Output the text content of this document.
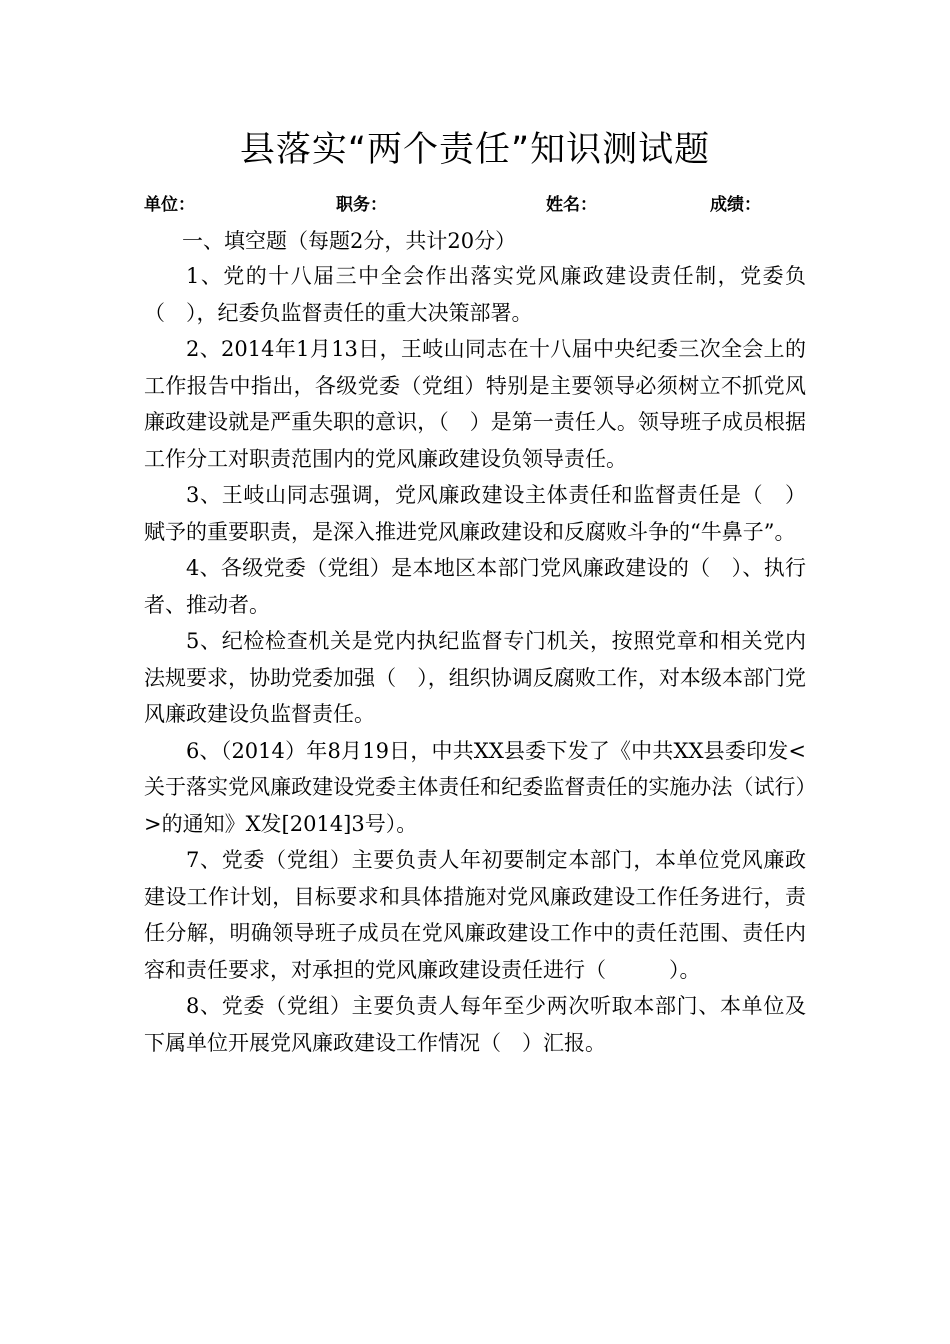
县落实“两个责任”知识测试题
单位：	职务：	姓名：	成绩：
一、填空题（每题2分，共计20分）

1、党的十八届三中全会作出落实党风廉政建设责任制，党委负（　），纪委负监督责任的重大决策部署。

2、2014年1月13日，王岐山同志在十八届中央纪委三次全会上的工作报告中指出，各级党委（党组）特别是主要领导必须树立不抓党风廉政建设就是严重失职的意识，（　）是第一责任人。领导班子成员根据工作分工对职责范围内的党风廉政建设负领导责任。

3、王岐山同志强调，党风廉政建设主体责任和监督责任是（　）赋予的重要职责，是深入推进党风廉政建设和反腐败斗争的“牛鼻子”。

4、各级党委（党组）是本地区本部门党风廉政建设的（　）、执行者、推动者。

5、纪检检查机关是党内执纪监督专门机关，按照党章和相关党内法规要求，协助党委加强（　），组织协调反腐败工作，对本级本部门党风廉政建设负监督责任。

6、（2014）年8月19日，中共XX县委下发了《中共XX县委印发<关于落实党风廉政建设党委主体责任和纪委监督责任的实施办法（试行）>的通知》X发[2014]3号）。

7、党委（党组）主要负责人年初要制定本部门，本单位党风廉政建设工作计划，目标要求和具体措施对党风廉政建设工作任务进行，责任分解，明确领导班子成员在党风廉政建设工作中的责任范围、责任内容和责任要求，对承担的党风廉政建设责任进行（　　　）。

8、党委（党组）主要负责人每年至少两次听取本部门、本单位及下属单位开展党风廉政建设工作情况（　）汇报。
